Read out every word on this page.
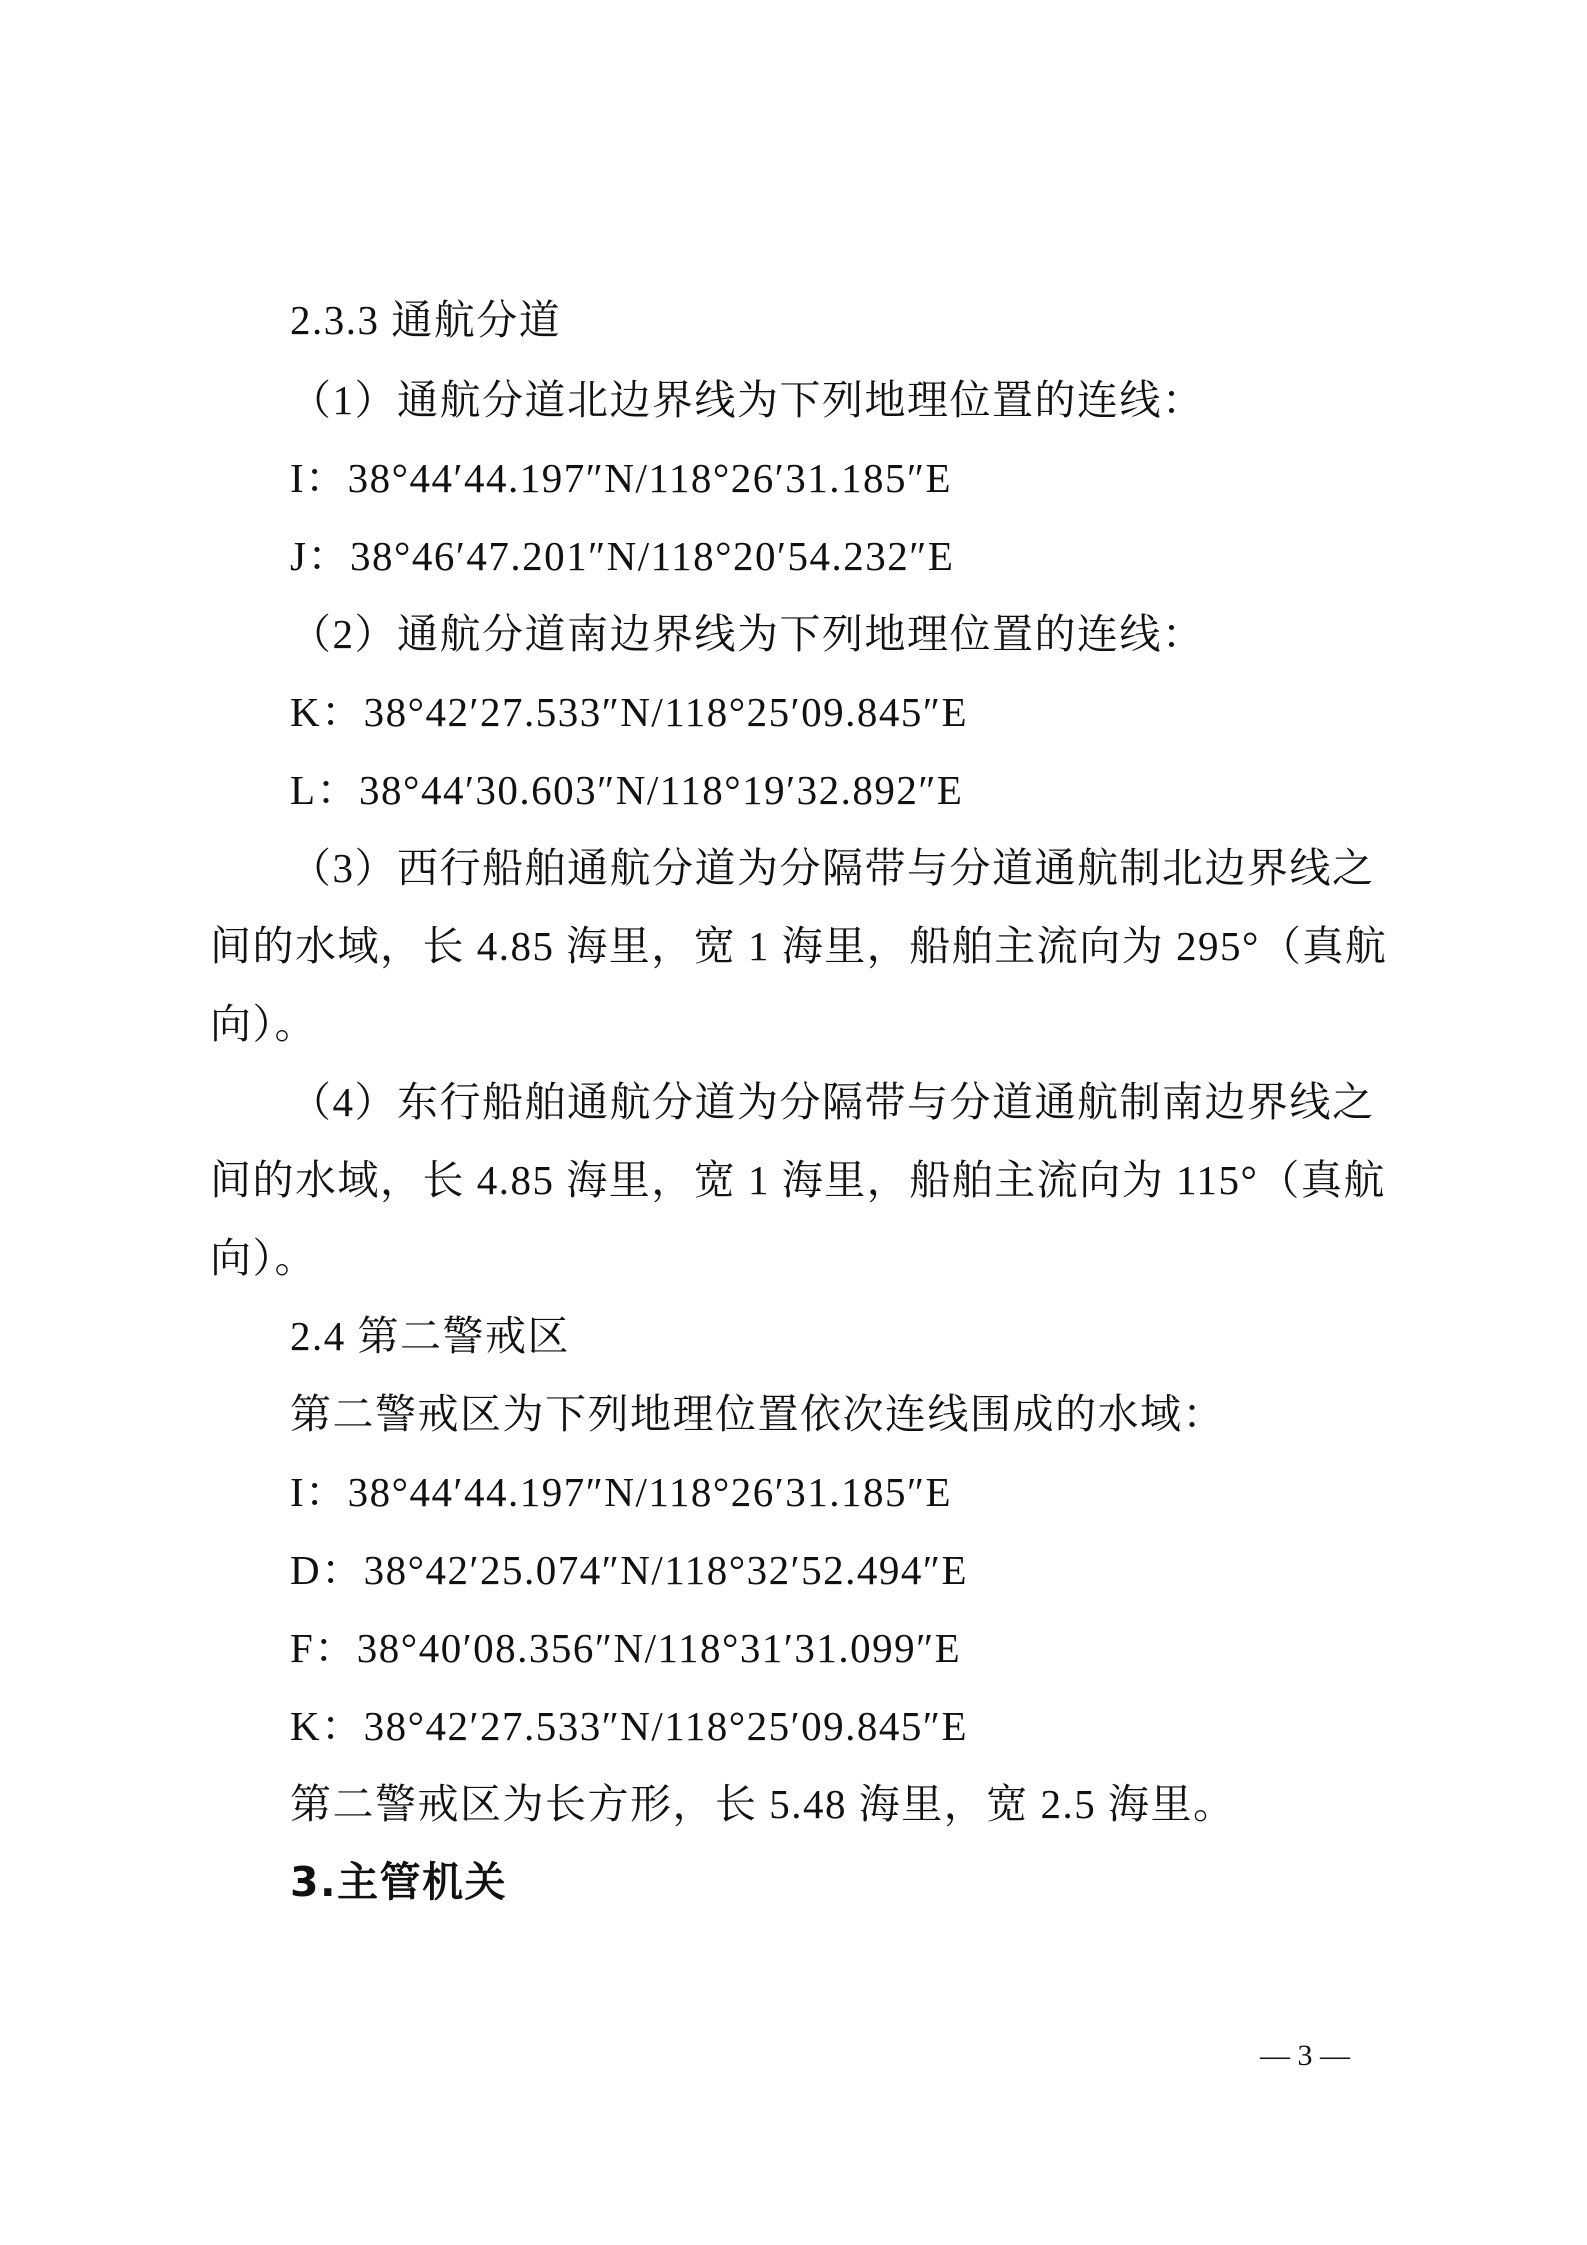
2.3.3 通航分道
（1）通航分道北边界线为下列地理位置的连线：
I：38°44′44.197″N/118°26′31.185″E
J：38°46′47.201″N/118°20′54.232″E
（2）通航分道南边界线为下列地理位置的连线：
K：38°42′27.533″N/118°25′09.845″E
L：38°44′30.603″N/118°19′32.892″E
（3）西行船舶通航分道为分隔带与分道通航制北边界线之
间的水域，长 4.85 海里，宽 1 海里，船舶主流向为 295°（真航
向）。
（4）东行船舶通航分道为分隔带与分道通航制南边界线之
间的水域，长 4.85 海里，宽 1 海里，船舶主流向为 115°（真航
向）。
2.4 第二警戒区
第二警戒区为下列地理位置依次连线围成的水域：
I：38°44′44.197″N/118°26′31.185″E
D：38°42′25.074″N/118°32′52.494″E
F：38°40′08.356″N/118°31′31.099″E
K：38°42′27.533″N/118°25′09.845″E
第二警戒区为长方形，长 5.48 海里，宽 2.5 海里。
3.主管机关
— 3 —
